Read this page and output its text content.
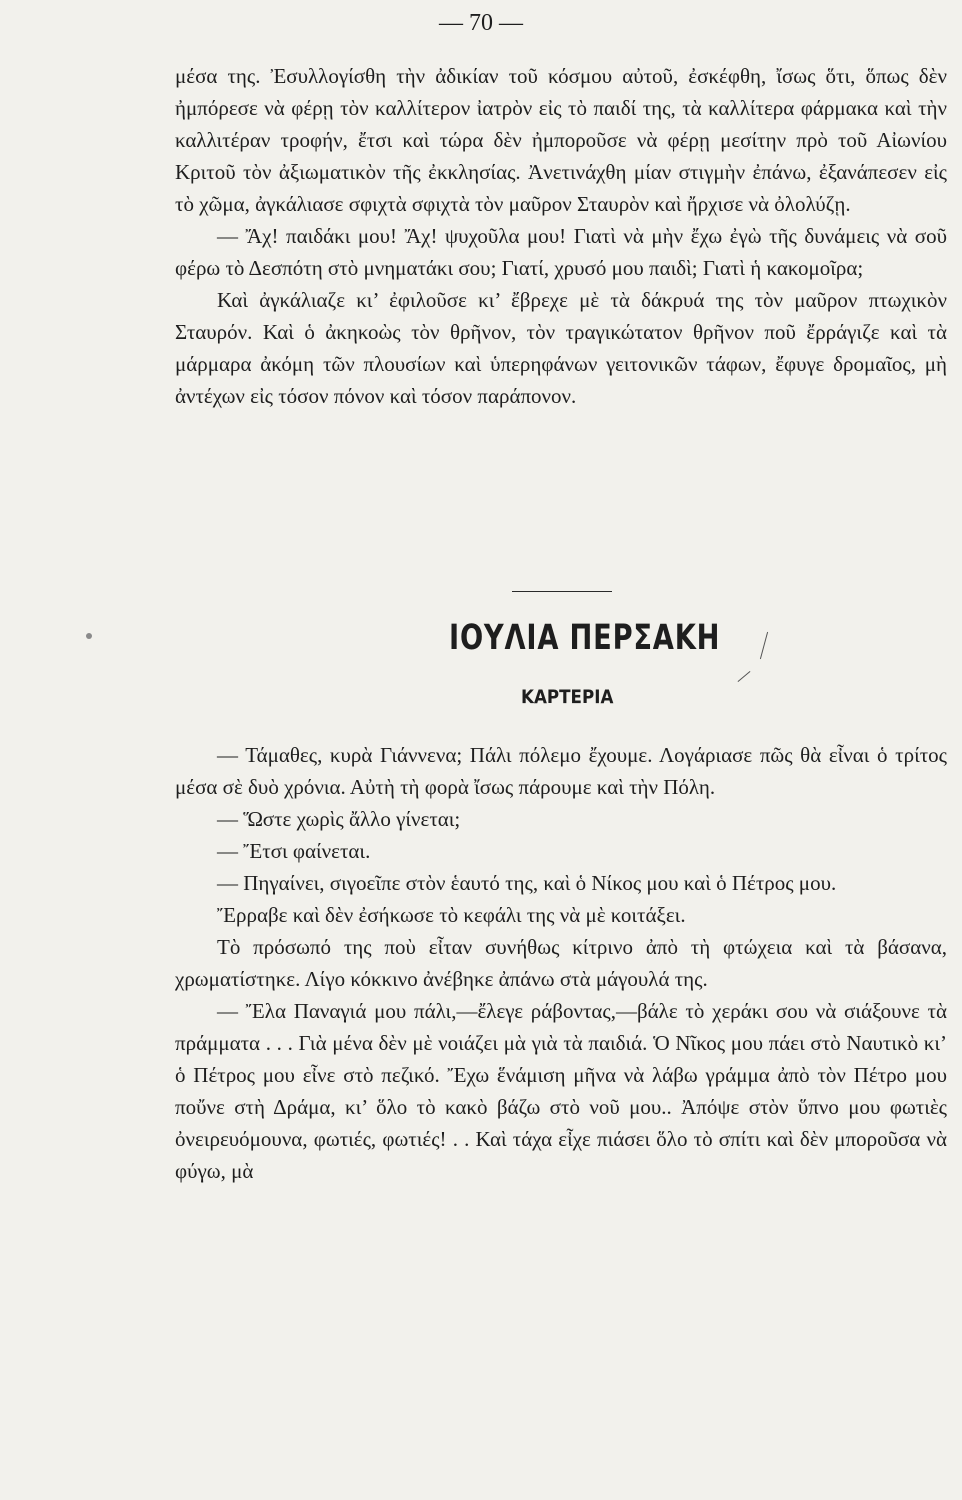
— 70 —

μέσα της. Ἐσυλλογίσθη τὴν ἀδικίαν τοῦ κόσμου αὐτοῦ, ἐσκέφθη, ἴσως ὅτι, ὅπως δὲν ἠμπόρεσε νὰ φέρῃ τὸν καλλίτερον ἰατρὸν εἰς τὸ παιδί της, τὰ καλλίτερα φάρμακα καὶ τὴν καλλιτέραν τροφήν, ἔτσι καὶ τώρα δὲν ἠμποροῦσε νὰ φέρῃ μεσίτην πρὸ τοῦ Αἰωνίου Κριτοῦ τὸν ἀξιωματικὸν τῆς ἐκκλησίας. Ἀνετινάχθη μίαν στιγμὴν ἐπάνω, ἐξανάπεσεν εἰς τὸ χῶμα, ἀγκάλιασε σφιχτὰ σφιχτὰ τὸν μαῦρον Σταυρὸν καὶ ἤρχισε νὰ ὀλολύζῃ.

— Ἄχ! παιδάκι μου! Ἄχ! ψυχοῦλα μου! Γιατὶ νὰ μὴν ἔχω ἐγὼ τῆς δυνάμεις νὰ σοῦ φέρω τὸ Δεσπότη στὸ μνηματάκι σου; Γιατί, χρυσό μου παιδὶ; Γιατὶ ἡ κακομοῖρα;

Καὶ ἀγκάλιαζε κι’ ἐφιλοῦσε κι’ ἔβρεχε μὲ τὰ δάκρυά της τὸν μαῦρον πτωχικὸν Σταυρόν. Καὶ ὁ ἀκηκοὼς τὸν θρῆνον, τὸν τραγικώτατον θρῆνον ποῦ ἔρράγιζε καὶ τὰ μάρμαρα ἀκόμη τῶν πλουσίων καὶ ὑπερηφάνων γειτονικῶν τάφων, ἔφυγε δρομαῖος, μὴ ἀντέχων εἰς τόσον πόνον καὶ τόσον παράπονον.

ΙΟΥΛΙΑ ΠΕΡΣΑΚΗ
ΚΑΡΤΕΡΙΑ

— Τάμαθες, κυρὰ Γιάννενα; Πάλι πόλεμο ἔχουμε. Λογάριασε πῶς θὰ εἶναι ὁ τρίτος μέσα σὲ δυὸ χρόνια. Αὐτὴ τὴ φορὰ ἴσως πάρουμε καὶ τὴν Πόλη.

— Ὥστε χωρὶς ἄλλο γίνεται;

— Ἔτσι φαίνεται.

— Πηγαίνει, σιγοεῖπε στὸν ἑαυτό της, καὶ ὁ Νίκος μου καὶ ὁ Πέτρος μου.

Ἔρραβε καὶ δὲν ἐσήκωσε τὸ κεφάλι της νὰ μὲ κοιτάξει.

Τὸ πρόσωπό της ποὺ εἶταν συνήθως κίτρινο ἀπὸ τὴ φτώχεια καὶ τὰ βάσανα, χρωματίστηκε. Λίγο κόκκινο ἀνέβηκε ἀπάνω στὰ μάγουλά της.

— Ἔλα Παναγιά μου πάλι,—ἔλεγε ράβοντας,—βάλε τὸ χεράκι σου νὰ σιάξουνε τὰ πράμματα . . . Γιὰ μένα δὲν μὲ νοιάζει μὰ γιὰ τὰ παιδιά. Ὁ Νῖκος μου πάει στὸ Ναυτικὸ κι’ ὁ Πέτρος μου εἶνε στὸ πεζικό. Ἔχω ἕνάμιση μῆνα νὰ λάβω γράμμα ἀπὸ τὸν Πέτρο μου ποὔνε στὴ Δράμα, κι’ ὅλο τὸ κακὸ βάζω στὸ νοῦ μου.. Ἀπόψε στὸν ὕπνο μου φωτιὲς ὀνειρευόμουνα, φωτιές, φωτιές! . . Καὶ τάχα εἶχε πιάσει ὅλο τὸ σπίτι καὶ δὲν μποροῦσα νὰ φύγω, μὰ
